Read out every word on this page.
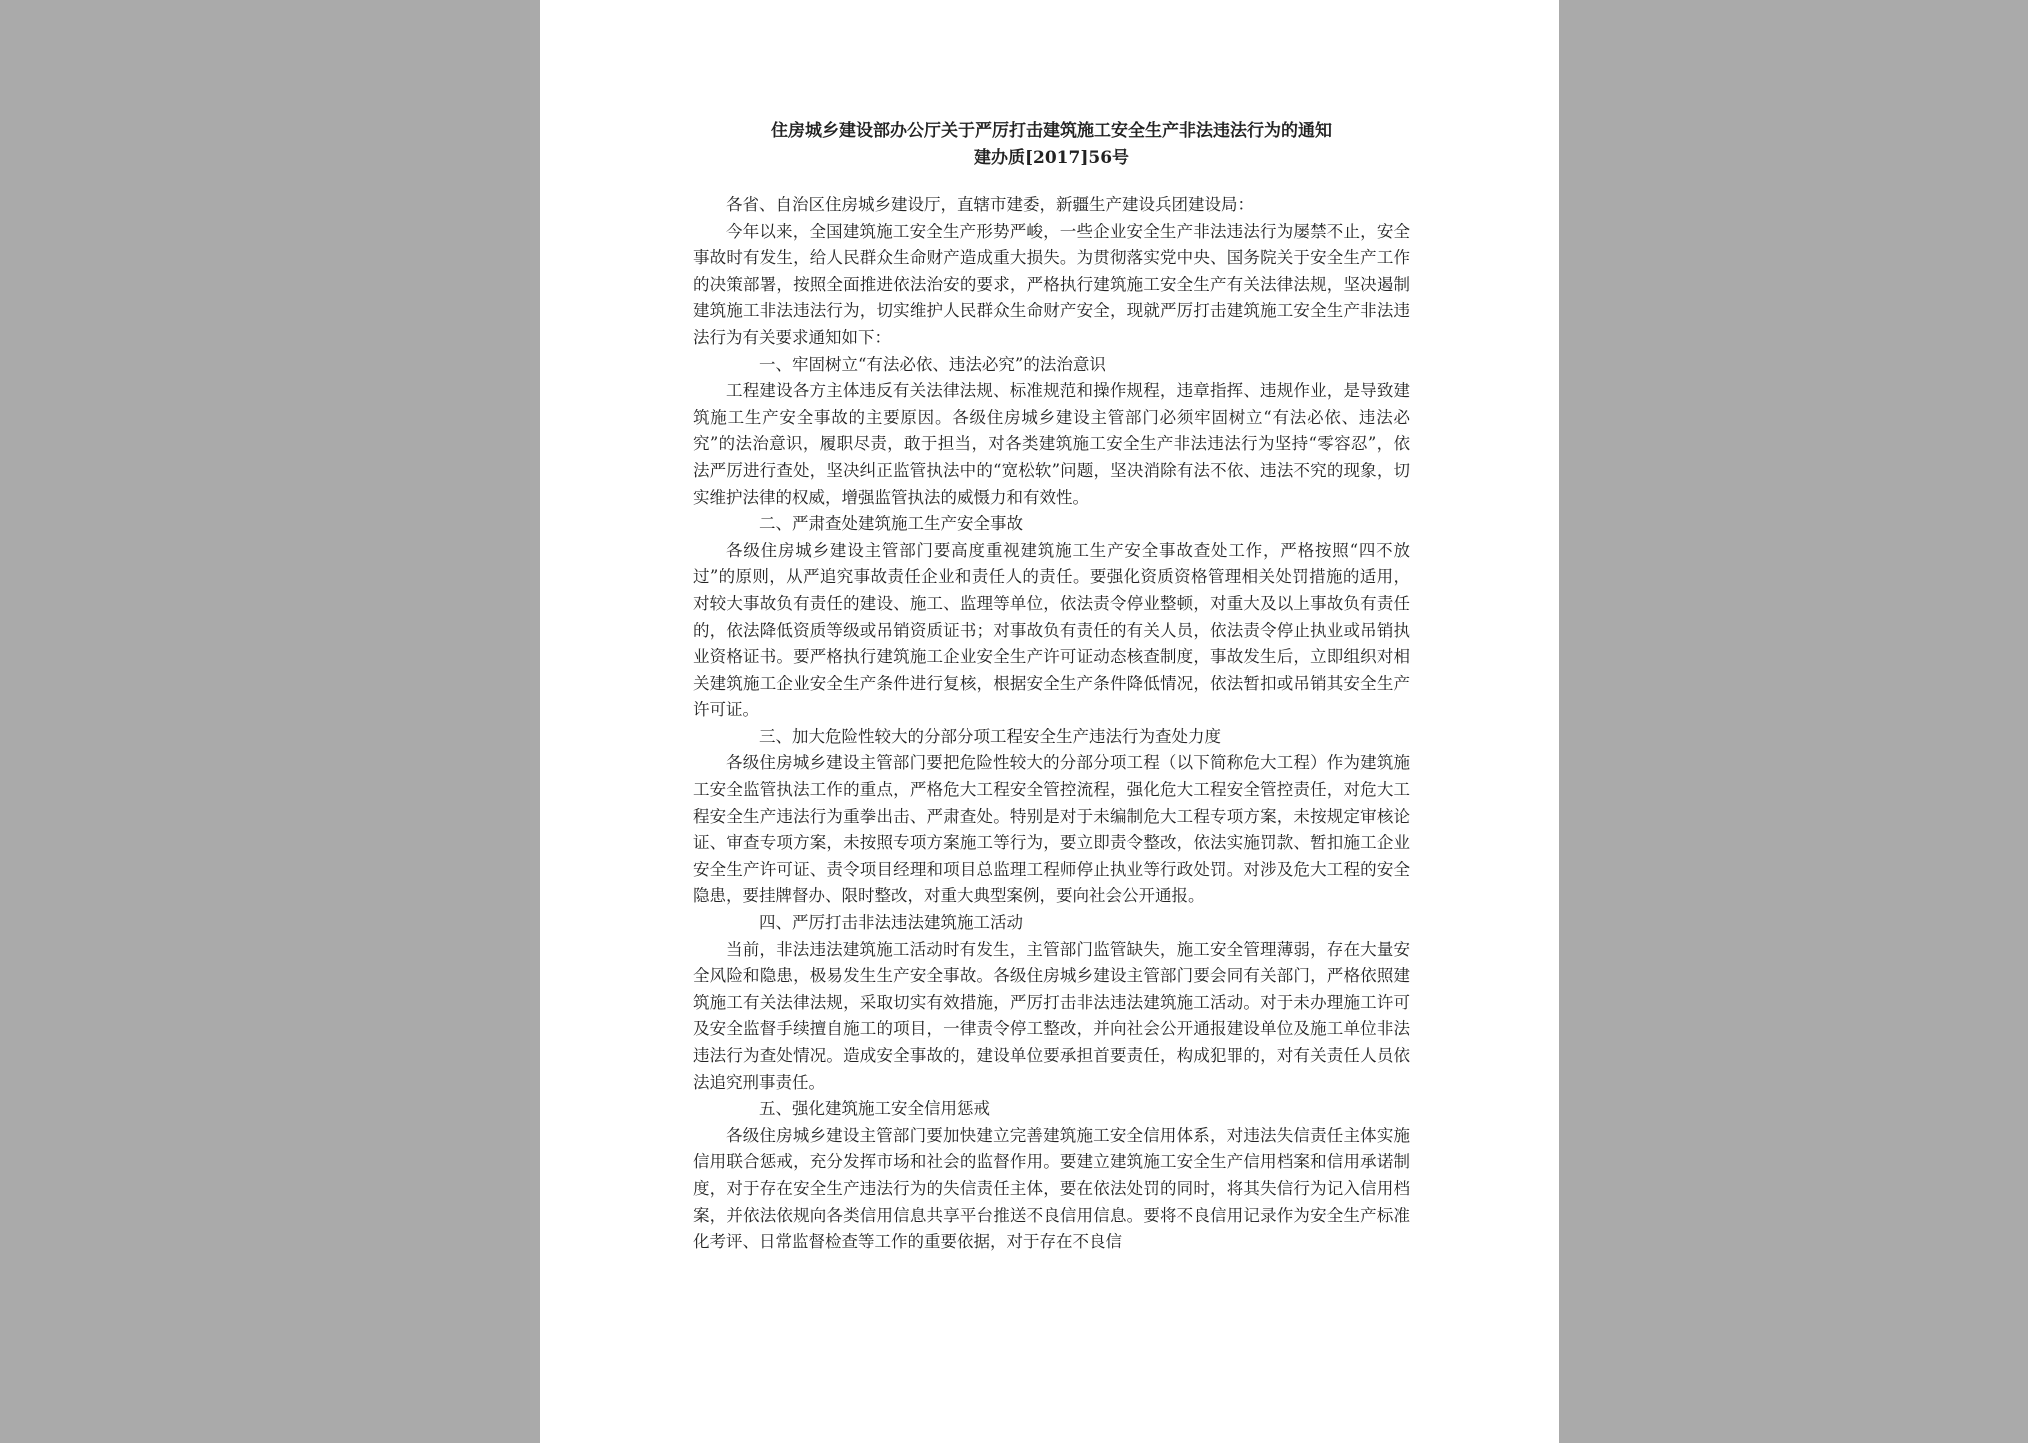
住房城乡建设部办公厅关于严厉打击建筑施工安全生产非法违法行为的通知
建办质[2017]56号

各省、自治区住房城乡建设厅，直辖市建委，新疆生产建设兵团建设局：

今年以来，全国建筑施工安全生产形势严峻，一些企业安全生产非法违法行为屡禁不止，安全事故时有发生，给人民群众生命财产造成重大损失。为贯彻落实党中央、国务院关于安全生产工作的决策部署，按照全面推进依法治安的要求，严格执行建筑施工安全生产有关法律法规，坚决遏制建筑施工非法违法行为，切实维护人民群众生命财产安全，现就严厉打击建筑施工安全生产非法违法行为有关要求通知如下：

一、牢固树立“有法必依、违法必究”的法治意识

工程建设各方主体违反有关法律法规、标准规范和操作规程，违章指挥、违规作业，是导致建筑施工生产安全事故的主要原因。各级住房城乡建设主管部门必须牢固树立“有法必依、违法必究”的法治意识，履职尽责，敢于担当，对各类建筑施工安全生产非法违法行为坚持“零容忍”，依法严厉进行查处，坚决纠正监管执法中的“宽松软”问题，坚决消除有法不依、违法不究的现象，切实维护法律的权威，增强监管执法的威慑力和有效性。

二、严肃查处建筑施工生产安全事故

各级住房城乡建设主管部门要高度重视建筑施工生产安全事故查处工作，严格按照“四不放过”的原则，从严追究事故责任企业和责任人的责任。要强化资质资格管理相关处罚措施的适用，对较大事故负有责任的建设、施工、监理等单位，依法责令停业整顿，对重大及以上事故负有责任的，依法降低资质等级或吊销资质证书；对事故负有责任的有关人员，依法责令停止执业或吊销执业资格证书。要严格执行建筑施工企业安全生产许可证动态核查制度，事故发生后，立即组织对相关建筑施工企业安全生产条件进行复核，根据安全生产条件降低情况，依法暂扣或吊销其安全生产许可证。

三、加大危险性较大的分部分项工程安全生产违法行为查处力度

各级住房城乡建设主管部门要把危险性较大的分部分项工程（以下简称危大工程）作为建筑施工安全监管执法工作的重点，严格危大工程安全管控流程，强化危大工程安全管控责任，对危大工程安全生产违法行为重拳出击、严肃查处。特别是对于未编制危大工程专项方案，未按规定审核论证、审查专项方案，未按照专项方案施工等行为，要立即责令整改，依法实施罚款、暂扣施工企业安全生产许可证、责令项目经理和项目总监理工程师停止执业等行政处罚。对涉及危大工程的安全隐患，要挂牌督办、限时整改，对重大典型案例，要向社会公开通报。

四、严厉打击非法违法建筑施工活动

当前，非法违法建筑施工活动时有发生，主管部门监管缺失，施工安全管理薄弱，存在大量安全风险和隐患，极易发生生产安全事故。各级住房城乡建设主管部门要会同有关部门，严格依照建筑施工有关法律法规，采取切实有效措施，严厉打击非法违法建筑施工活动。对于未办理施工许可及安全监督手续擅自施工的项目，一律责令停工整改，并向社会公开通报建设单位及施工单位非法违法行为查处情况。造成安全事故的，建设单位要承担首要责任，构成犯罪的，对有关责任人员依法追究刑事责任。

五、强化建筑施工安全信用惩戒

各级住房城乡建设主管部门要加快建立完善建筑施工安全信用体系，对违法失信责任主体实施信用联合惩戒，充分发挥市场和社会的监督作用。要建立建筑施工安全生产信用档案和信用承诺制度，对于存在安全生产违法行为的失信责任主体，要在依法处罚的同时，将其失信行为记入信用档案，并依法依规向各类信用信息共享平台推送不良信用信息。要将不良信用记录作为安全生产标准化考评、日常监督检查等工作的重要依据，对于存在不良信
